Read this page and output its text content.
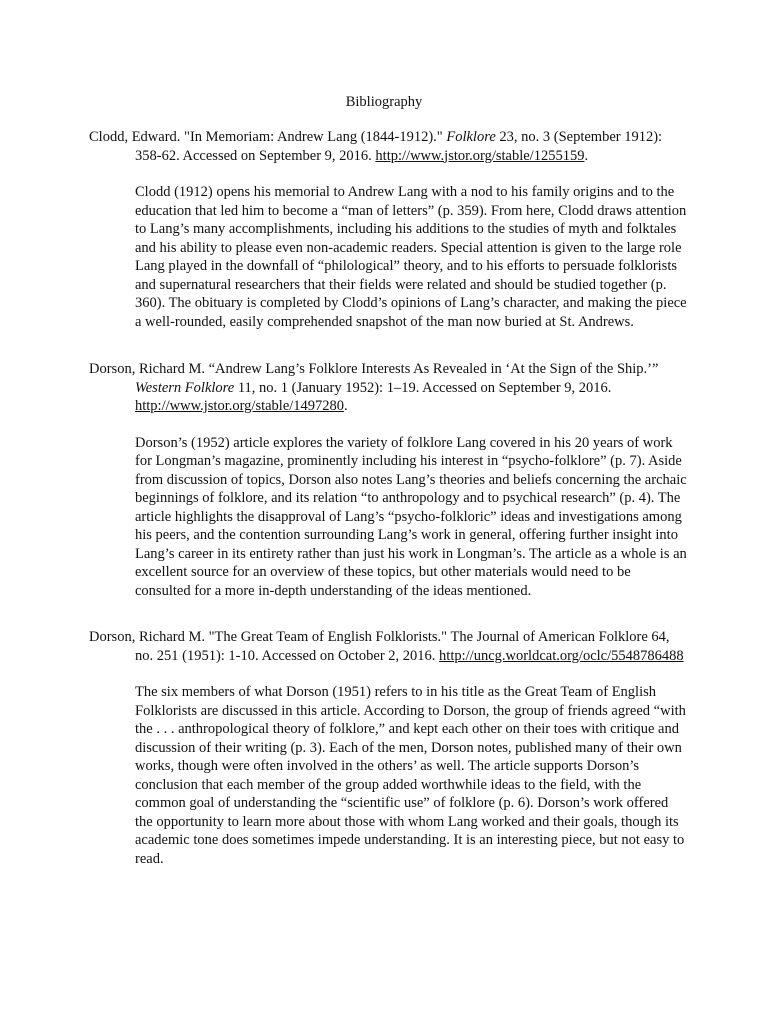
Bibliography

Clodd, Edward. "In Memoriam: Andrew Lang (1844-1912)." Folklore 23, no. 3 (September 1912): 358-62. Accessed on September 9, 2016. http://www.jstor.org/stable/1255159.

Clodd (1912) opens his memorial to Andrew Lang with a nod to his family origins and to the education that led him to become a “man of letters” (p. 359). From here, Clodd draws attention to Lang’s many accomplishments, including his additions to the studies of myth and folktales and his ability to please even non-academic readers. Special attention is given to the large role Lang played in the downfall of “philological” theory, and to his efforts to persuade folklorists and supernatural researchers that their fields were related and should be studied together (p. 360). The obituary is completed by Clodd’s opinions of Lang’s character, and making the piece a well-rounded, easily comprehended snapshot of the man now buried at St. Andrews.

Dorson, Richard M. “Andrew Lang’s Folklore Interests As Revealed in ‘At the Sign of the Ship.’” Western Folklore 11, no. 1 (January 1952): 1–19. Accessed on September 9, 2016. http://www.jstor.org/stable/1497280.

Dorson’s (1952) article explores the variety of folklore Lang covered in his 20 years of work for Longman’s magazine, prominently including his interest in “psycho-folklore” (p. 7). Aside from discussion of topics, Dorson also notes Lang’s theories and beliefs concerning the archaic beginnings of folklore, and its relation “to anthropology and to psychical research” (p. 4). The article highlights the disapproval of Lang’s “psycho-folkloric” ideas and investigations among his peers, and the contention surrounding Lang’s work in general, offering further insight into Lang’s career in its entirety rather than just his work in Longman’s. The article as a whole is an excellent source for an overview of these topics, but other materials would need to be consulted for a more in-depth understanding of the ideas mentioned.

Dorson, Richard M. "The Great Team of English Folklorists." The Journal of American Folklore 64, no. 251 (1951): 1-10. Accessed on October 2, 2016. http://uncg.worldcat.org/oclc/5548786488

The six members of what Dorson (1951) refers to in his title as the Great Team of English Folklorists are discussed in this article. According to Dorson, the group of friends agreed “with the . . . anthropological theory of folklore,” and kept each other on their toes with critique and discussion of their writing (p. 3). Each of the men, Dorson notes, published many of their own works, though were often involved in the others’ as well. The article supports Dorson’s conclusion that each member of the group added worthwhile ideas to the field, with the common goal of understanding the “scientific use” of folklore (p. 6). Dorson’s work offered the opportunity to learn more about those with whom Lang worked and their goals, though its academic tone does sometimes impede understanding. It is an interesting piece, but not easy to read.
